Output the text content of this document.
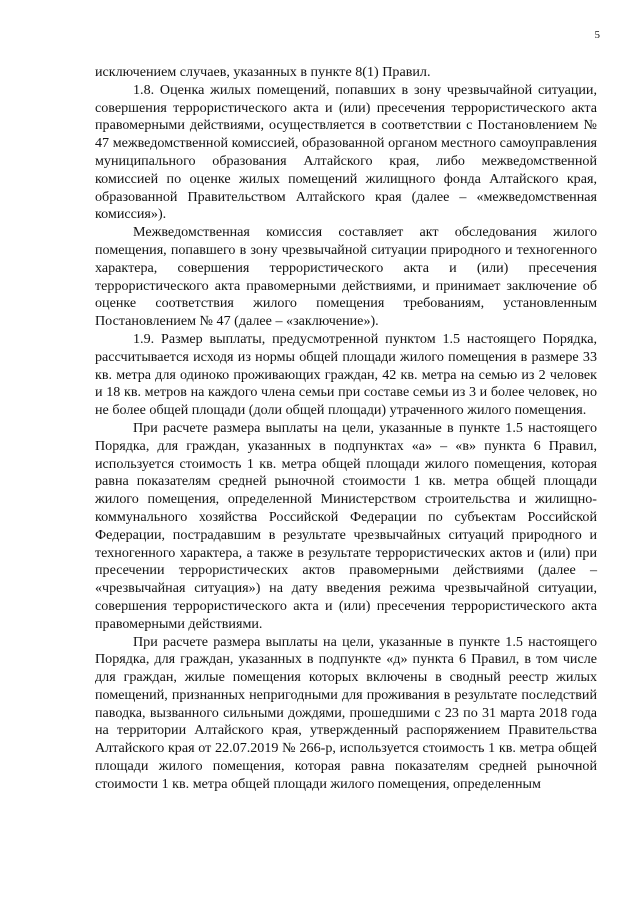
5

исключением случаев, указанных в пункте 8(1) Правил.

1.8. Оценка жилых помещений, попавших в зону чрезвычайной ситуации, совершения террористического акта и (или) пресечения террористического акта правомерными действиями, осуществляется в соответствии с Постановлением № 47 межведомственной комиссией, образованной органом местного самоуправления муниципального образования Алтайского края, либо межведомственной комиссией по оценке жилых помещений жилищного фонда Алтайского края, образованной Правительством Алтайского края (далее – «межведомственная комиссия»).

Межведомственная комиссия составляет акт обследования жилого помещения, попавшего в зону чрезвычайной ситуации природного и техногенного характера, совершения террористического акта и (или) пресечения террористического акта правомерными действиями, и принимает заключение об оценке соответствия жилого помещения требованиям, установленным Постановлением № 47 (далее – «заключение»).

1.9. Размер выплаты, предусмотренной пунктом 1.5 настоящего Порядка, рассчитывается исходя из нормы общей площади жилого помещения в размере 33 кв. метра для одиноко проживающих граждан, 42 кв. метра на семью из 2 человек и 18 кв. метров на каждого члена семьи при составе семьи из 3 и более человек, но не более общей площади (доли общей площади) утраченного жилого помещения.

При расчете размера выплаты на цели, указанные в пункте 1.5 настоящего Порядка, для граждан, указанных в подпунктах «а» – «в» пункта 6 Правил, используется стоимость 1 кв. метра общей площади жилого помещения, которая равна показателям средней рыночной стоимости 1 кв. метра общей площади жилого помещения, определенной Министерством строительства и жилищно-коммунального хозяйства Российской Федерации по субъектам Российской Федерации, пострадавшим в результате чрезвычайных ситуаций природного и техногенного характера, а также в результате террористических актов и (или) при пресечении террористических актов правомерными действиями (далее – «чрезвычайная ситуация») на дату введения режима чрезвычайной ситуации, совершения террористического акта и (или) пресечения террористического акта правомерными действиями.

При расчете размера выплаты на цели, указанные в пункте 1.5 настоящего Порядка, для граждан, указанных в подпункте «д» пункта 6 Правил, в том числе для граждан, жилые помещения которых включены в сводный реестр жилых помещений, признанных непригодными для проживания в результате последствий паводка, вызванного сильными дождями, прошедшими с 23 по 31 марта 2018 года на территории Алтайского края, утвержденный распоряжением Правительства Алтайского края от 22.07.2019 № 266-р, используется стоимость 1 кв. метра общей площади жилого помещения, которая равна показателям средней рыночной стоимости 1 кв. метра общей площади жилого помещения, определенным
